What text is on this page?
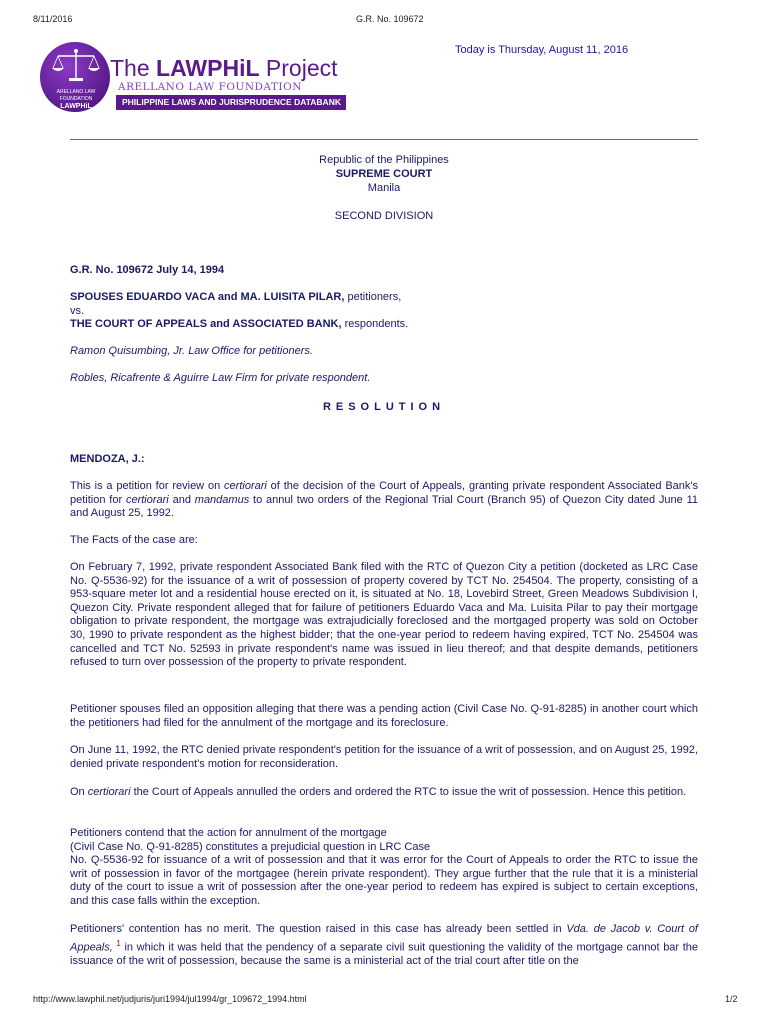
8/11/2016	G.R. No. 109672
ARELLANO LAW FOUNDATION
LAWPHiL
The LAWPHiL Project
ARELLANO LAW FOUNDATION
PHILIPPINE LAWS AND JURISPRUDENCE DATABANK
Today is Thursday, August 11, 2016
Republic of the Philippines
SUPREME COURT
Manila
SECOND DIVISION
G.R. No. 109672 July 14, 1994
SPOUSES EDUARDO VACA and MA. LUISITA PILAR, petitioners,
vs.
THE COURT OF APPEALS and ASSOCIATED BANK, respondents.
Ramon Quisumbing, Jr. Law Office for petitioners.
Robles, Ricafrente & Aguirre Law Firm for private respondent.
RESOLUTION
MENDOZA, J.:

This is a petition for review on certiorari of the decision of the Court of Appeals, granting private respondent Associated Bank's petition for certiorari and mandamus to annul two orders of the Regional Trial Court (Branch 95) of Quezon City dated June 11 and August 25, 1992.

The Facts of the case are:

On February 7, 1992, private respondent Associated Bank filed with the RTC of Quezon City a petition (docketed as LRC Case No. Q-5536-92) for the issuance of a writ of possession of property covered by TCT No. 254504. The property, consisting of a 953-square meter lot and a residential house erected on it, is situated at No. 18, Lovebird Street, Green Meadows Subdivision I, Quezon City. Private respondent alleged that for failure of petitioners Eduardo Vaca and Ma. Luisita Pilar to pay their mortgage obligation to private respondent, the mortgage was extrajudicially foreclosed and the mortgaged property was sold on October 30, 1990 to private respondent as the highest bidder; that the one-year period to redeem having expired, TCT No. 254504 was cancelled and TCT No. 52593 in private respondent's name was issued in lieu thereof; and that despite demands, petitioners refused to turn over possession of the property to private respondent.

Petitioner spouses filed an opposition alleging that there was a pending action (Civil Case No. Q-91-8285) in another court which the petitioners had filed for the annulment of the mortgage and its foreclosure.

On June 11, 1992, the RTC denied private respondent's petition for the issuance of a writ of possession, and on August 25, 1992, denied private respondent's motion for reconsideration.

On certiorari the Court of Appeals annulled the orders and ordered the RTC to issue the writ of possession. Hence this petition.

Petitioners contend that the action for annulment of the mortgage
(Civil Case No. Q-91-8285) constitutes a prejudicial question in LRC Case
No. Q-5536-92 for issuance of a writ of possession and that it was error for the Court of Appeals to order the RTC to issue the writ of possession in favor of the mortgagee (herein private respondent). They argue further that the rule that it is a ministerial duty of the court to issue a writ of possession after the one-year period to redeem has expired is subject to certain exceptions, and this case falls within the exception.

Petitioners' contention has no merit. The question raised in this case has already been settled in Vda. de Jacob v. Court of Appeals, $^1$ in which it was held that the pendency of a separate civil suit questioning the validity of the mortgage cannot bar the issuance of the writ of possession, because the same is a ministerial act of the trial court after title on the

http://www.lawphil.net/judjuris/juri1994/jul1994/gr_109672_1994.html	1/2
